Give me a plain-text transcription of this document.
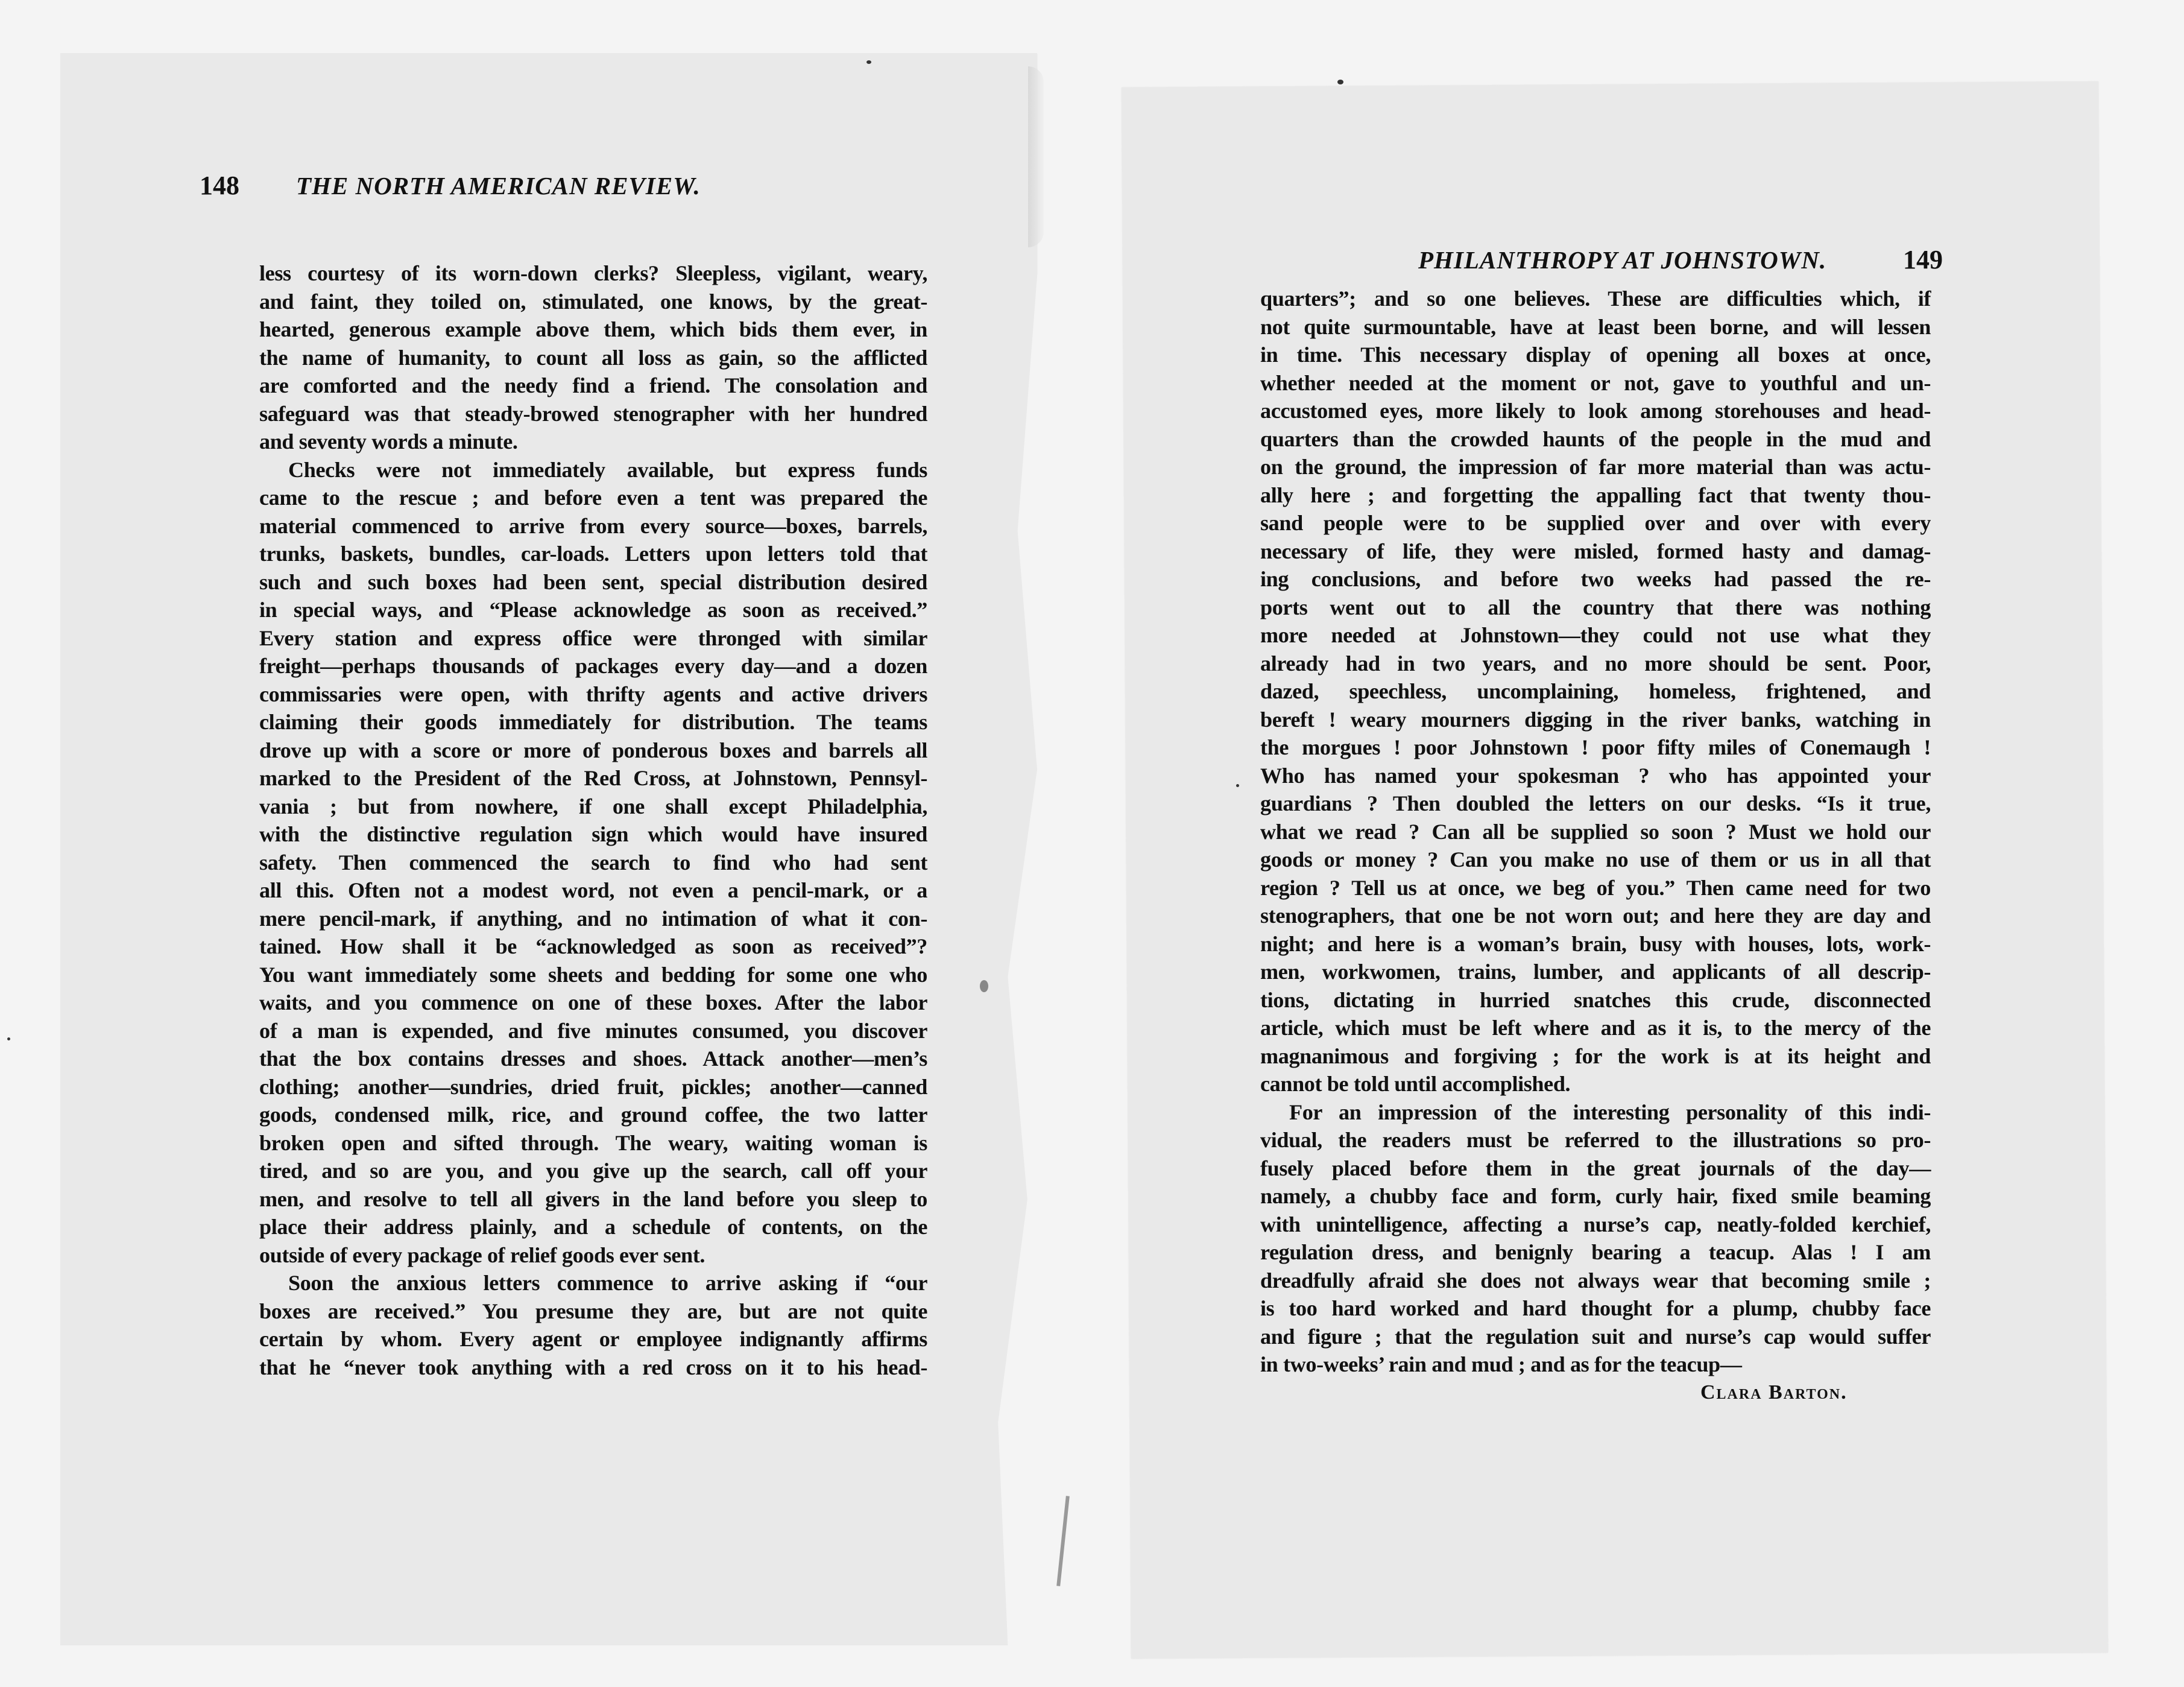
148	THE NORTH AMERICAN REVIEW.
less courtesy of its worn-down clerks? Sleepless, vigilant, weary,
and faint, they toiled on, stimulated, one knows, by the great-
hearted, generous example above them, which bids them ever, in
the name of humanity, to count all loss as gain, so the afflicted
are comforted and the needy find a friend. The consolation and
safeguard was that steady-browed stenographer with her hundred
and seventy words a minute.
Checks were not immediately available, but express funds
came to the rescue ; and before even a tent was prepared the
material commenced to arrive from every source—boxes, barrels,
trunks, baskets, bundles, car-loads. Letters upon letters told that
such and such boxes had been sent, special distribution desired
in special ways, and “Please acknowledge as soon as received.”
Every station and express office were thronged with similar
freight—perhaps thousands of packages every day—and a dozen
commissaries were open, with thrifty agents and active drivers
claiming their goods immediately for distribution. The teams
drove up with a score or more of ponderous boxes and barrels all
marked to the President of the Red Cross, at Johnstown, Pennsyl-
vania ; but from nowhere, if one shall except Philadelphia,
with the distinctive regulation sign which would have insured
safety. Then commenced the search to find who had sent
all this. Often not a modest word, not even a pencil-mark, or a
mere pencil-mark, if anything, and no intimation of what it con-
tained. How shall it be “acknowledged as soon as received”?
You want immediately some sheets and bedding for some one who
waits, and you commence on one of these boxes. After the labor
of a man is expended, and five minutes consumed, you discover
that the box contains dresses and shoes. Attack another—men’s
clothing; another—sundries, dried fruit, pickles; another—canned
goods, condensed milk, rice, and ground coffee, the two latter
broken open and sifted through. The weary, waiting woman is
tired, and so are you, and you give up the search, call off your
men, and resolve to tell all givers in the land before you sleep to
place their address plainly, and a schedule of contents, on the
outside of every package of relief goods ever sent.
Soon the anxious letters commence to arrive asking if “our
boxes are received.” You presume they are, but are not quite
certain by whom. Every agent or employee indignantly affirms
that he “never took anything with a red cross on it to his head-
PHILANTHROPY AT JOHNSTOWN.	149
quarters”; and so one believes. These are difficulties which, if
not quite surmountable, have at least been borne, and will lessen
in time. This necessary display of opening all boxes at once,
whether needed at the moment or not, gave to youthful and un-
accustomed eyes, more likely to look among storehouses and head-
quarters than the crowded haunts of the people in the mud and
on the ground, the impression of far more material than was actu-
ally here ; and forgetting the appalling fact that twenty thou-
sand people were to be supplied over and over with every
necessary of life, they were misled, formed hasty and damag-
ing conclusions, and before two weeks had passed the re-
ports went out to all the country that there was nothing
more needed at Johnstown—they could not use what they
already had in two years, and no more should be sent. Poor,
dazed, speechless, uncomplaining, homeless, frightened, and
bereft ! weary mourners digging in the river banks, watching in
the morgues ! poor Johnstown ! poor fifty miles of Conemaugh !
Who has named your spokesman ? who has appointed your
guardians ? Then doubled the letters on our desks. “Is it true,
what we read ? Can all be supplied so soon ? Must we hold our
goods or money ? Can you make no use of them or us in all that
region ? Tell us at once, we beg of you.” Then came need for two
stenographers, that one be not worn out; and here they are day and
night; and here is a woman’s brain, busy with houses, lots, work-
men, workwomen, trains, lumber, and applicants of all descrip-
tions, dictating in hurried snatches this crude, disconnected
article, which must be left where and as it is, to the mercy of the
magnanimous and forgiving ; for the work is at its height and
cannot be told until accomplished.
For an impression of the interesting personality of this indi-
vidual, the readers must be referred to the illustrations so pro-
fusely placed before them in the great journals of the day—
namely, a chubby face and form, curly hair, fixed smile beaming
with unintelligence, affecting a nurse’s cap, neatly-folded kerchief,
regulation dress, and benignly bearing a teacup. Alas ! I am
dreadfully afraid she does not always wear that becoming smile ;
is too hard worked and hard thought for a plump, chubby face
and figure ; that the regulation suit and nurse’s cap would suffer
in two-weeks’ rain and mud ; and as for the teacup—
Clara Barton.
